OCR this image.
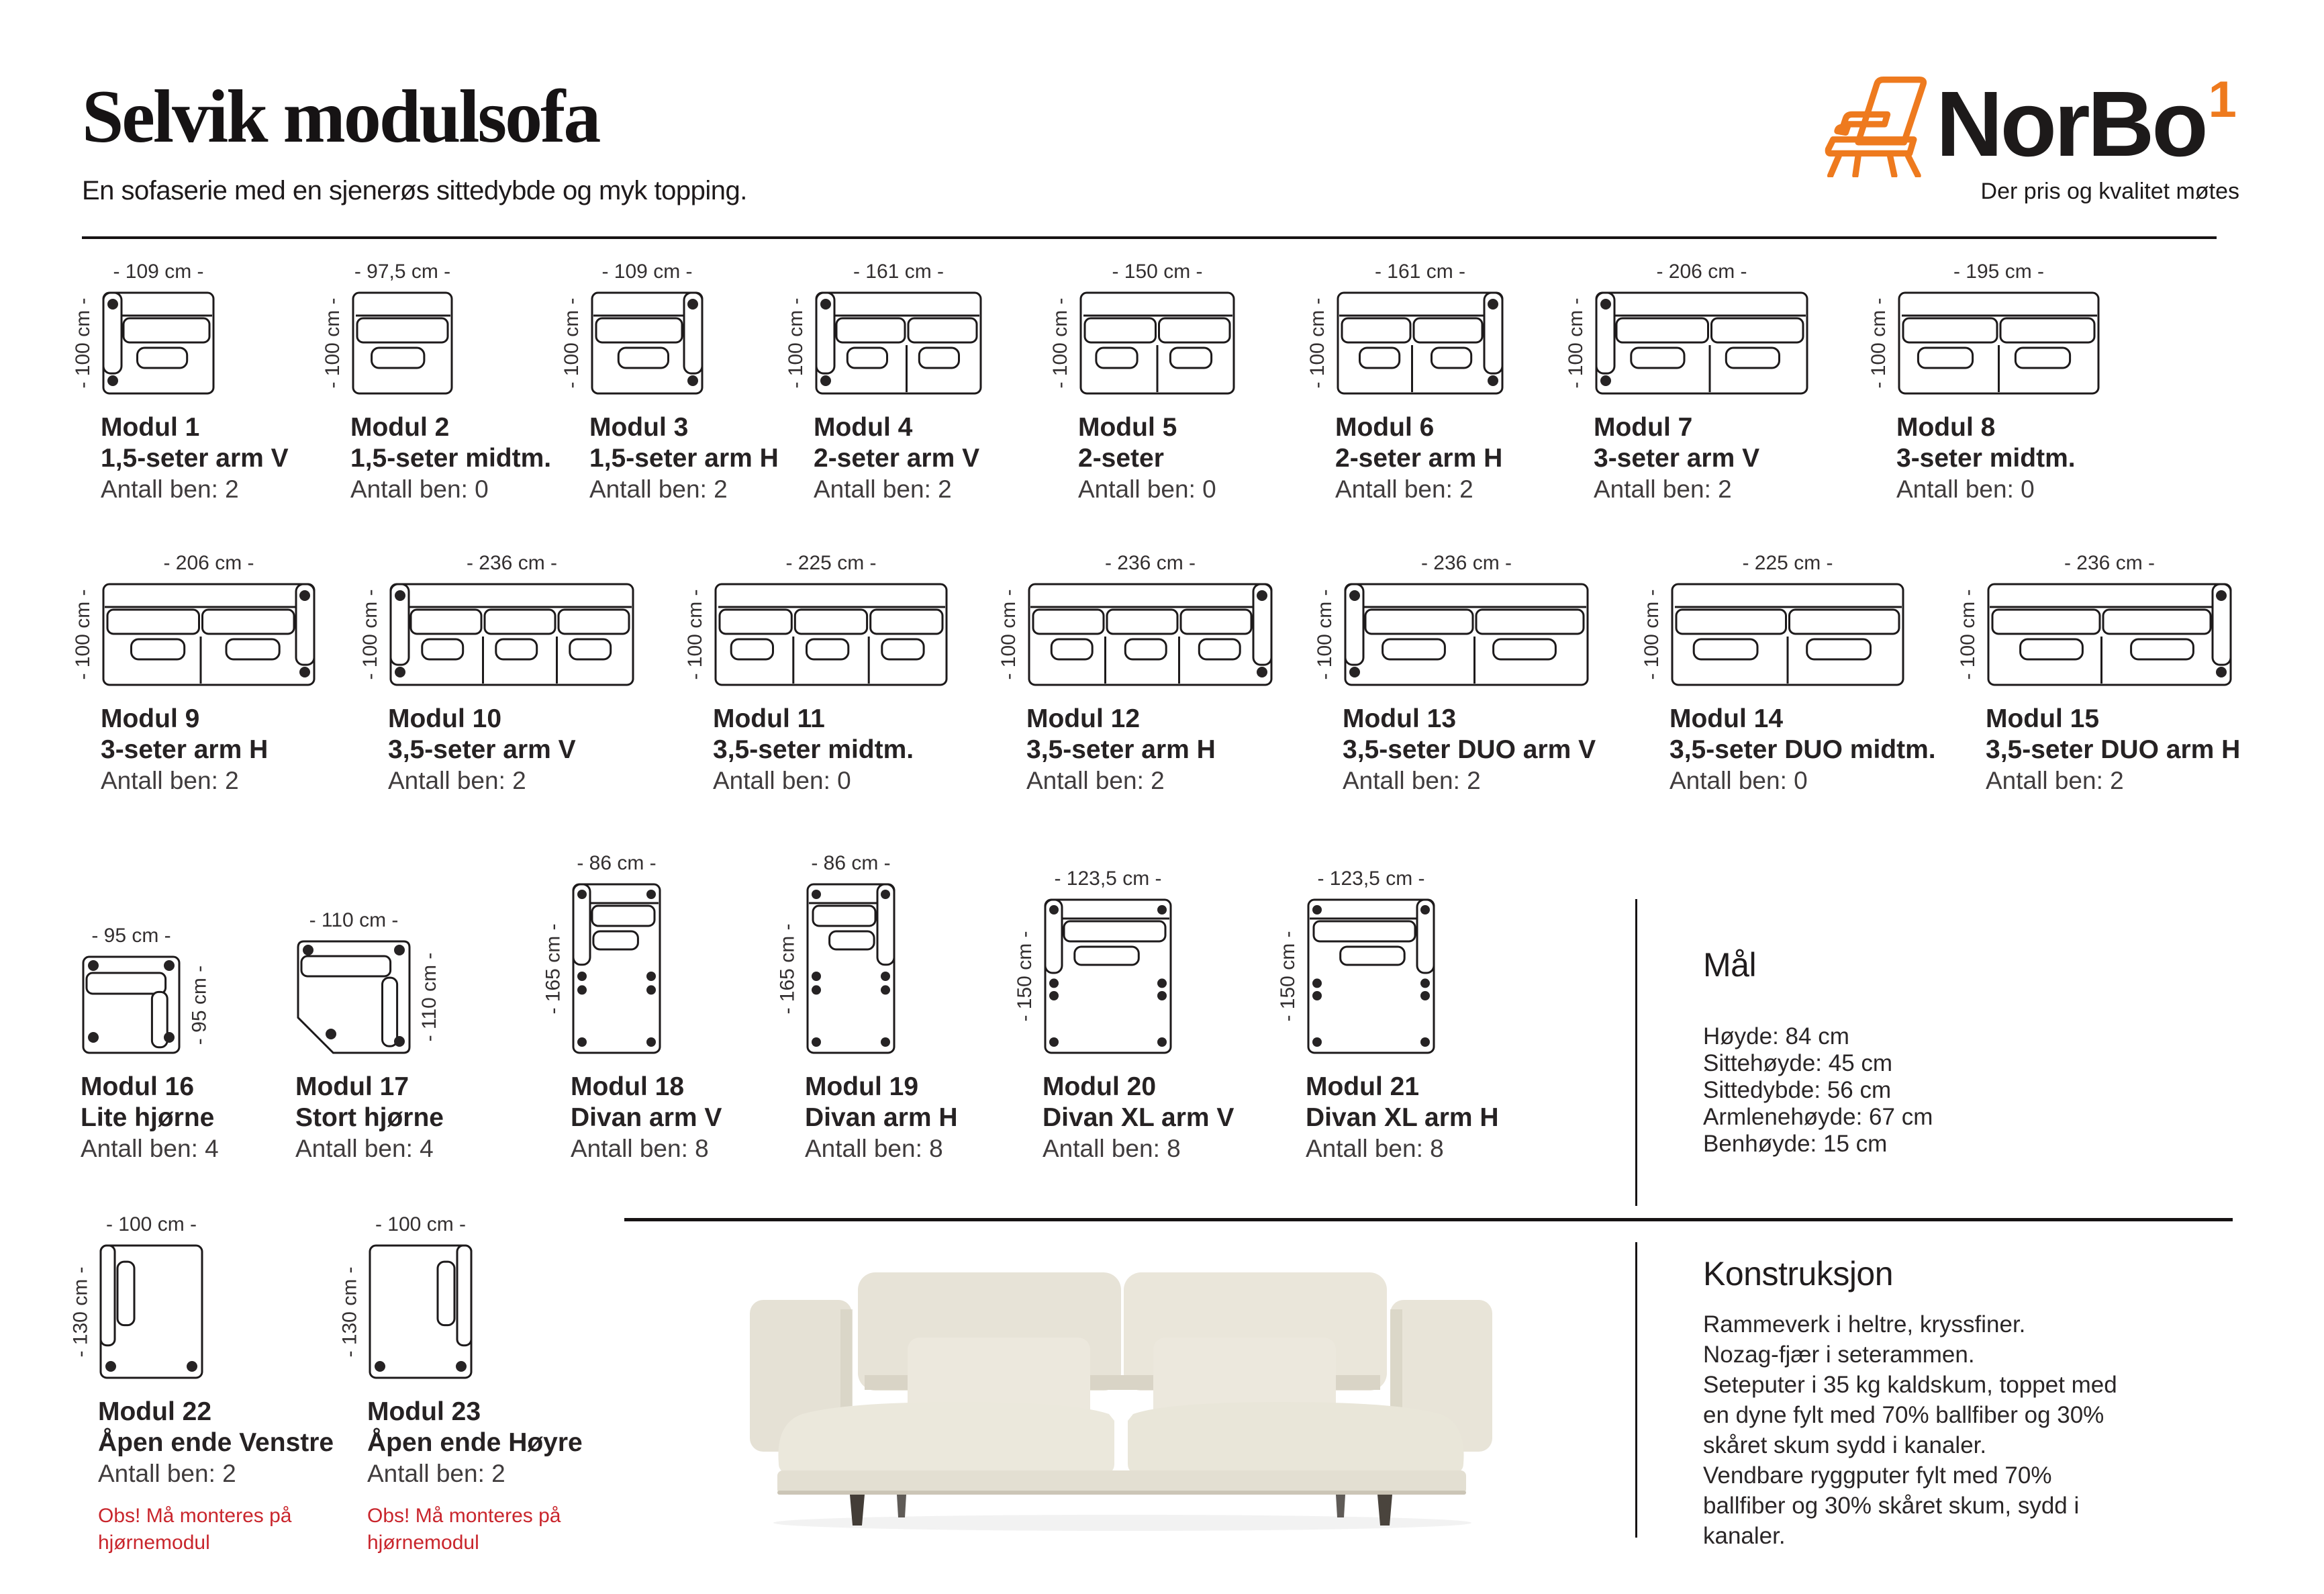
Selvik modulsofa
En sofaserie med en sjenerøs sittedybde og myk topping.
NorBo$^1$
Der pris og kvalitet møtes
- 109 cm -
- 100 cm -
Modul 1
1,5-seter arm V
Antall ben: 2
- 97,5 cm -
- 100 cm -
Modul 2
1,5-seter midtm.
Antall ben: 0
- 109 cm -
- 100 cm -
Modul 3
1,5-seter arm H
Antall ben: 2
- 161 cm -
- 100 cm -
Modul 4
2-seter arm V
Antall ben: 2
- 150 cm -
- 100 cm -
Modul 5
2-seter
Antall ben: 0
- 161 cm -
- 100 cm -
Modul 6
2-seter arm H
Antall ben: 2
- 206 cm -
- 100 cm -
Modul 7
3-seter arm V
Antall ben: 2
- 195 cm -
- 100 cm -
Modul 8
3-seter midtm.
Antall ben: 0
- 206 cm -
- 100 cm -
Modul 9
3-seter arm H
Antall ben: 2
- 236 cm -
- 100 cm -
Modul 10
3,5-seter arm V
Antall ben: 2
- 225 cm -
- 100 cm -
Modul 11
3,5-seter midtm.
Antall ben: 0
- 236 cm -
- 100 cm -
Modul 12
3,5-seter arm H
Antall ben: 2
- 236 cm -
- 100 cm -
Modul 13
3,5-seter DUO arm V
Antall ben: 2
- 225 cm -
- 100 cm -
Modul 14
3,5-seter DUO midtm.
Antall ben: 0
- 236 cm -
- 100 cm -
Modul 15
3,5-seter DUO arm H
Antall ben: 2
- 95 cm -
- 95 cm -
Modul 16
Lite hjørne
Antall ben: 4
- 110 cm -
- 110 cm -
Modul 17
Stort hjørne
Antall ben: 4
- 86 cm -
- 165 cm -
Modul 18
Divan arm V
Antall ben: 8
- 86 cm -
- 165 cm -
Modul 19
Divan arm H
Antall ben: 8
- 123,5 cm -
- 150 cm -
Modul 20
Divan XL arm V
Antall ben: 8
- 123,5 cm -
- 150 cm -
Modul 21
Divan XL arm H
Antall ben: 8
- 100 cm -
- 130 cm -
Modul 22
Åpen ende Venstre
Antall ben: 2
Obs! Må monteres på
hjørnemodul
- 100 cm -
- 130 cm -
Modul 23
Åpen ende Høyre
Antall ben: 2
Obs! Må monteres på
hjørnemodul
Mål
Høyde: 84 cm
Sittehøyde: 45 cm
Sittedybde: 56 cm
Armlenehøyde: 67 cm
Benhøyde: 15 cm
Konstruksjon
Rammeverk i heltre, kryssfiner.
Nozag-fjær i seterammen.
Seteputer i 35 kg kaldskum, toppet med
en dyne fylt med 70% ballfiber og 30%
skåret skum sydd i kanaler.
Vendbare ryggputer fylt med 70%
ballfiber og 30% skåret skum, sydd i
kanaler.
